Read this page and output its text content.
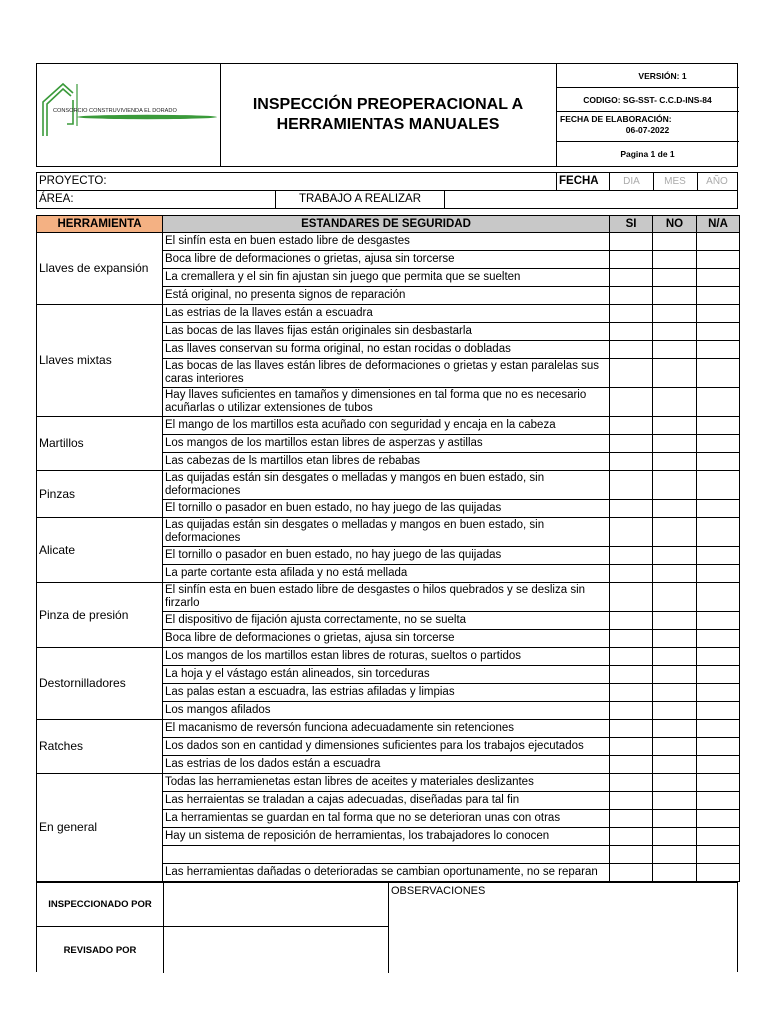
CONSORCIO CONSTRUVIVIENDA EL DORADO	INSPECCIÓN PREOPERACIONAL A
HERRAMIENTAS MANUALES
VERSIÓN: 1
CODIGO: SG-SST- C.C.D-INS-84
FECHA DE ELABORACIÓN:
06-07-2022
Pagina 1 de 1
PROYECTO:	FECHA	DIA	MES	AÑO
ÁREA:	TRABAJO A REALIZAR
HERRAMIENTA	ESTANDARES DE SEGURIDAD	SI	NO	N/A
Llaves de expansión	El sinfín esta en buen estado libre de desgastes			
	Boca libre de deformaciones o grietas, ajusa sin torcerse			
	La cremallera y el sin fin ajustan sin juego que permita que se suelten			
	Está original, no presenta signos de reparación			
Llaves mixtas	Las estrias de la llaves están a escuadra			
	Las bocas de las llaves fijas están originales sin desbastarla			
	Las llaves conservan su forma original, no estan rocidas o dobladas			
	Las bocas de las llaves están libres de deformaciones o grietas y estan paralelas sus caras interiores			
	Hay llaves suficientes en tamaños y dimensiones en tal forma que no es necesario acuñarlas o utilizar extensiones de tubos			
Martillos	El mango de los martillos esta acuñado con seguridad y encaja en la cabeza			
	Los mangos de los martillos estan libres de asperzas y astillas			
	Las cabezas de ls martillos etan libres de rebabas			
Pinzas	Las quijadas están sin desgates o melladas y mangos en buen estado, sin deformaciones			
	El tornillo o pasador en buen estado, no hay juego de las quijadas			
Alicate	Las quijadas están sin desgates o melladas y mangos en buen estado, sin deformaciones			
	El tornillo o pasador en buen estado, no hay juego de las quijadas			
	La parte cortante esta afilada y no está mellada			
Pinza de presión	El sinfín esta en buen estado libre de desgastes o hilos quebrados y se desliza sin firzarlo			
	El dispositivo de fijación ajusta correctamente, no se suelta			
	Boca libre de deformaciones o grietas, ajusa sin torcerse			
Destornilladores	Los mangos de los martillos estan libres de roturas, sueltos o partidos			
	La hoja y el vástago están alineados, sin torceduras			
	Las palas estan a escuadra, las estrias afiladas y limpias			
	Los mangos afilados			
Ratches	El macanismo de reversón funciona adecuadamente sin retenciones			
	Los dados son en cantidad y dimensiones suficientes para los trabajos ejecutados			
	Las estrias de los dados están a escuadra			
En general	Todas las herramienetas estan libres de aceites y materiales deslizantes			
	Las herraientas se traladan a cajas adecuadas, diseñadas para tal fin			
	La herramientas se guardan en tal forma que no se deterioran unas con otras			
	Hay un sistema de reposición de herramientas, los trabajadores lo conocen			

	Las herramientas dañadas o deterioradas se cambian oportunamente, no se reparan			
INSPECCIONADO POR
REVISADO POR
OBSERVACIONES
